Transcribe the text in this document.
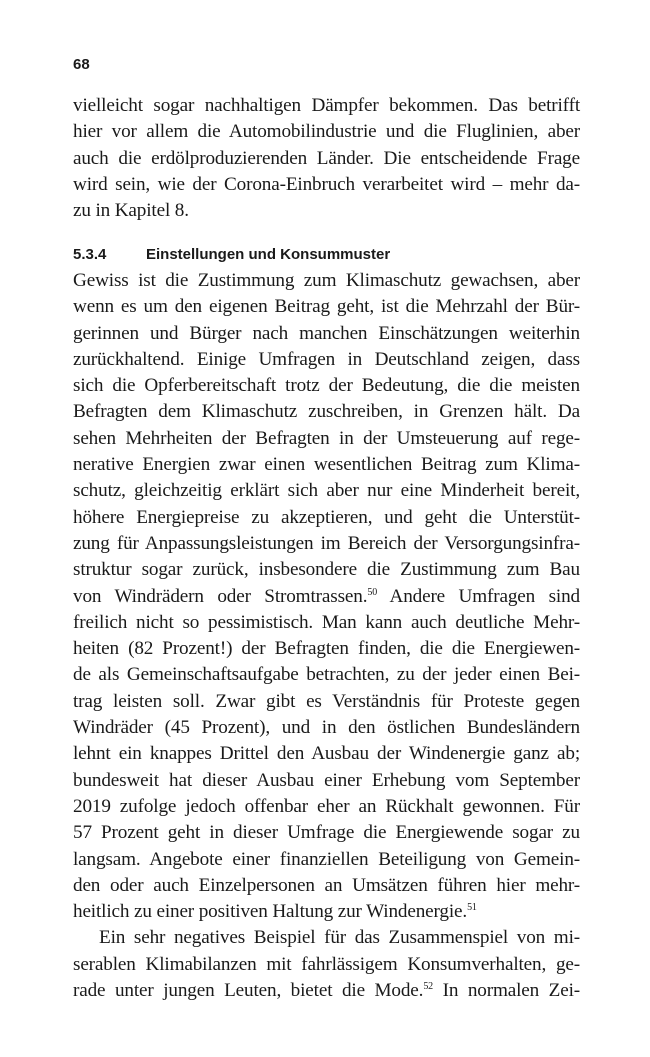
68
vielleicht sogar nachhaltigen Dämpfer bekommen. Das betrifft
hier vor allem die Automobilindustrie und die Fluglinien, aber
auch die erdölproduzierenden Länder. Die entscheidende Frage
wird sein, wie der Corona-Einbruch verarbeitet wird – mehr da-
zu in Kapitel 8.
5.3.4	Einstellungen und Konsummuster
Gewiss ist die Zustimmung zum Klimaschutz gewachsen, aber
wenn es um den eigenen Beitrag geht, ist die Mehrzahl der Bür-
gerinnen und Bürger nach manchen Einschätzungen weiterhin
zurückhaltend. Einige Umfragen in Deutschland zeigen, dass
sich die Opferbereitschaft trotz der Bedeutung, die die meisten
Befragten dem Klimaschutz zuschreiben, in Grenzen hält. Da
sehen Mehrheiten der Befragten in der Umsteuerung auf rege-
nerative Energien zwar einen wesentlichen Beitrag zum Klima-
schutz, gleichzeitig erklärt sich aber nur eine Minderheit bereit,
höhere Energiepreise zu akzeptieren, und geht die Unterstüt-
zung für Anpassungsleistungen im Bereich der Versorgungsinfra-
struktur sogar zurück, insbesondere die Zustimmung zum Bau
von Windrädern oder Stromtrassen.$^{50}$ Andere Umfragen sind
freilich nicht so pessimistisch. Man kann auch deutliche Mehr-
heiten (82 Prozent!) der Befragten finden, die die Energiewen-
de als Gemeinschaftsaufgabe betrachten, zu der jeder einen Bei-
trag leisten soll. Zwar gibt es Verständnis für Proteste gegen
Windräder (45 Prozent), und in den östlichen Bundesländern
lehnt ein knappes Drittel den Ausbau der Windenergie ganz ab;
bundesweit hat dieser Ausbau einer Erhebung vom September
2019 zufolge jedoch offenbar eher an Rückhalt gewonnen. Für
57 Prozent geht in dieser Umfrage die Energiewende sogar zu
langsam. Angebote einer finanziellen Beteiligung von Gemein-
den oder auch Einzelpersonen an Umsätzen führen hier mehr-
heitlich zu einer positiven Haltung zur Windenergie.$^{51}$
Ein sehr negatives Beispiel für das Zusammenspiel von mi-
serablen Klimabilanzen mit fahrlässigem Konsumverhalten, ge-
rade unter jungen Leuten, bietet die Mode.$^{52}$ In normalen Zei-
